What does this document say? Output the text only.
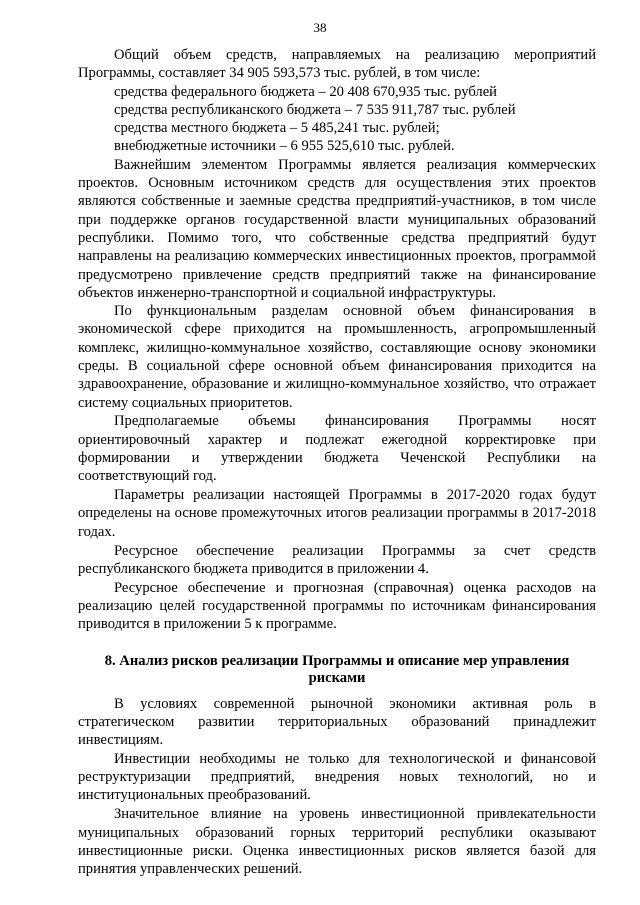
38

Общий объем средств, направляемых на реализацию мероприятий Программы, составляет 34 905 593,573 тыс. рублей, в том числе:

средства федерального бюджета – 20 408 670,935 тыс. рублей

средства республиканского бюджета – 7 535 911,787 тыс. рублей

средства местного бюджета – 5 485,241 тыс. рублей;

внебюджетные источники – 6 955 525,610 тыс. рублей.

Важнейшим элементом Программы является реализация коммерческих проектов. Основным источником средств для осуществления этих проектов являются собственные и заемные средства предприятий-участников, в том числе при поддержке органов государственной власти муниципальных образований республики. Помимо того, что собственные средства предприятий будут направлены на реализацию коммерческих инвестиционных проектов, программой предусмотрено привлечение средств предприятий также на финансирование объектов инженерно-транспортной и социальной инфраструктуры.

По функциональным разделам основной объем финансирования в экономической сфере приходится на промышленность, агропромышленный комплекс, жилищно-коммунальное хозяйство, составляющие основу экономики среды. В социальной сфере основной объем финансирования приходится на здравоохранение, образование и жилищно-коммунальное хозяйство, что отражает систему социальных приоритетов.

Предполагаемые объемы финансирования Программы носят ориентировочный характер и подлежат ежегодной корректировке при формировании и утверждении бюджета Чеченской Республики на соответствующий год.

Параметры реализации настоящей Программы в 2017-2020 годах будут определены на основе промежуточных итогов реализации программы в 2017-2018 годах.

Ресурсное обеспечение реализации Программы за счет средств республиканского бюджета приводится в приложении 4.

Ресурсное обеспечение и прогнозная (справочная) оценка расходов на реализацию целей государственной программы по источникам финансирования приводится в приложении 5 к программе.

8. Анализ рисков реализации Программы и описание мер управления рисками

В условиях современной рыночной экономики активная роль в стратегическом развитии территориальных образований принадлежит инвестициям.

Инвестиции необходимы не только для технологической и финансовой реструктуризации предприятий, внедрения новых технологий, но и институциональных преобразований.

Значительное влияние на уровень инвестиционной привлекательности муниципальных образований горных территорий республики оказывают инвестиционные риски. Оценка инвестиционных рисков является базой для принятия управленческих решений.
